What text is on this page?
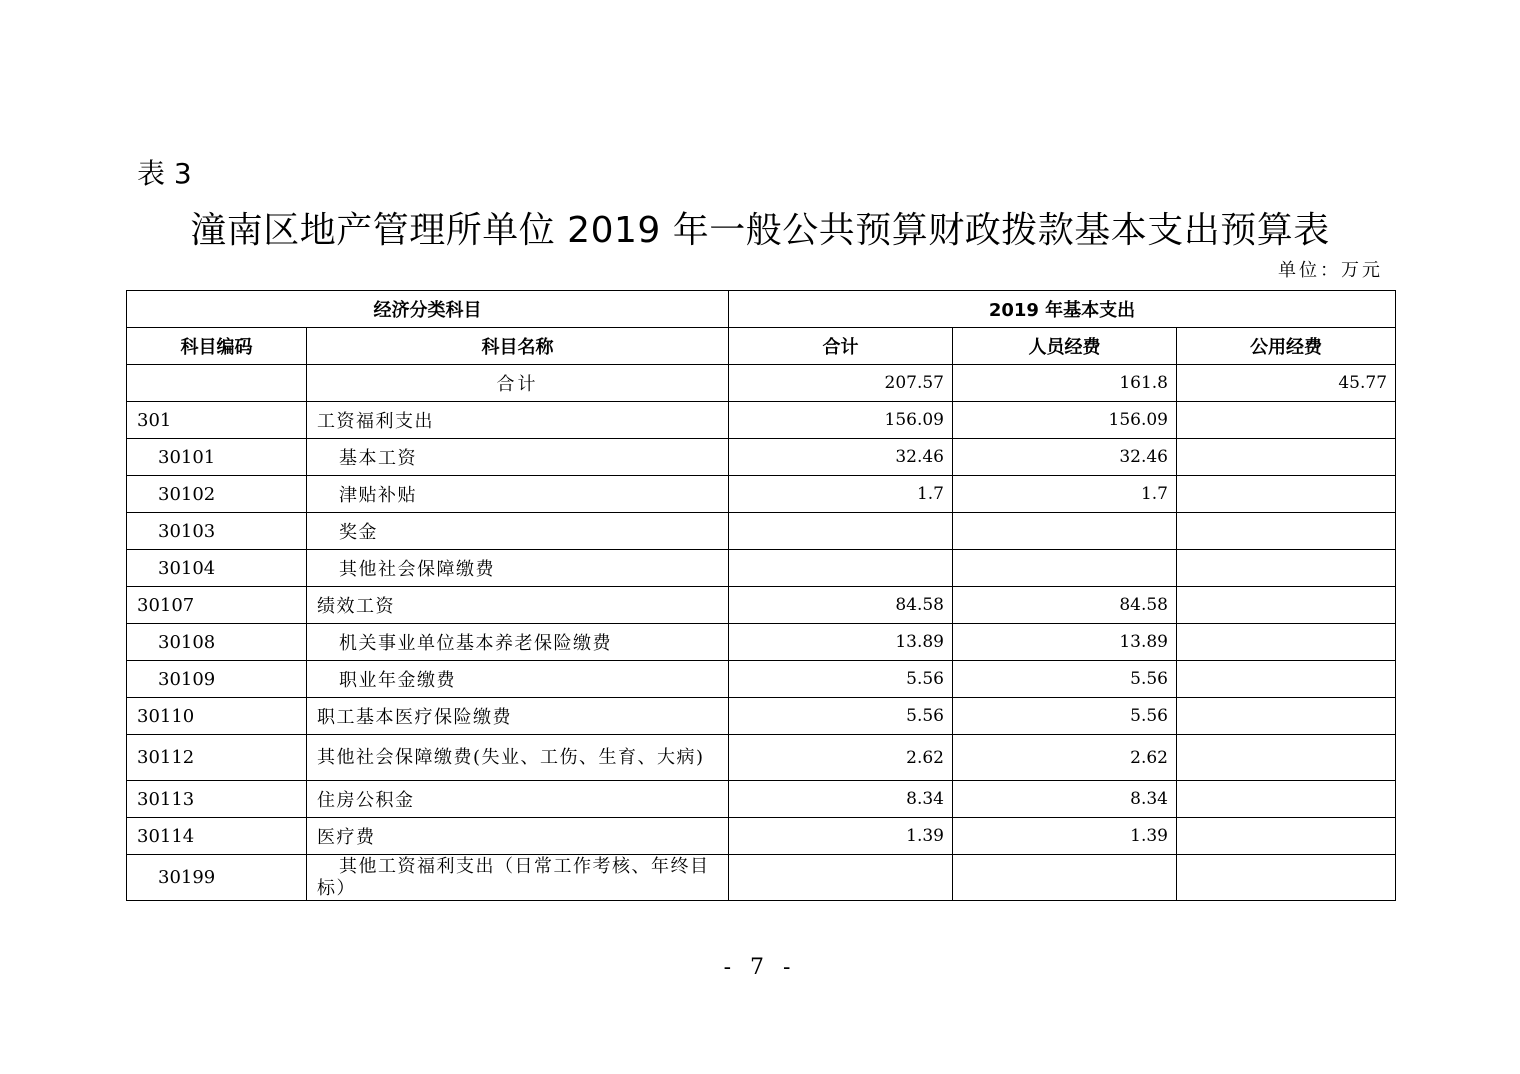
表 3
潼南区地产管理所单位 2019 年一般公共预算财政拨款基本支出预算表
单位：万元
经济分类科目		2019 年基本支出		
科目编码	科目名称	合计	人员经费	公用经费
	合计	207.57	161.8	45.77
301	工资福利支出	156.09	156.09	
30101	基本工资	32.46	32.46	
30102	津贴补贴	1.7	1.7	
30103	奖金			
30104	其他社会保障缴费			
30107	绩效工资	84.58	84.58	
30108	机关事业单位基本养老保险缴费	13.89	13.89	
30109	职业年金缴费	5.56	5.56	
30110	职工基本医疗保险缴费	5.56	5.56	
30112	其他社会保障缴费(失业、工伤、生育、大病)	2.62	2.62	
30113	住房公积金	8.34	8.34	
30114	医疗费	1.39	1.39	
30199	其他工资福利支出（日常工作考核、年终目标）			
- 7 -
